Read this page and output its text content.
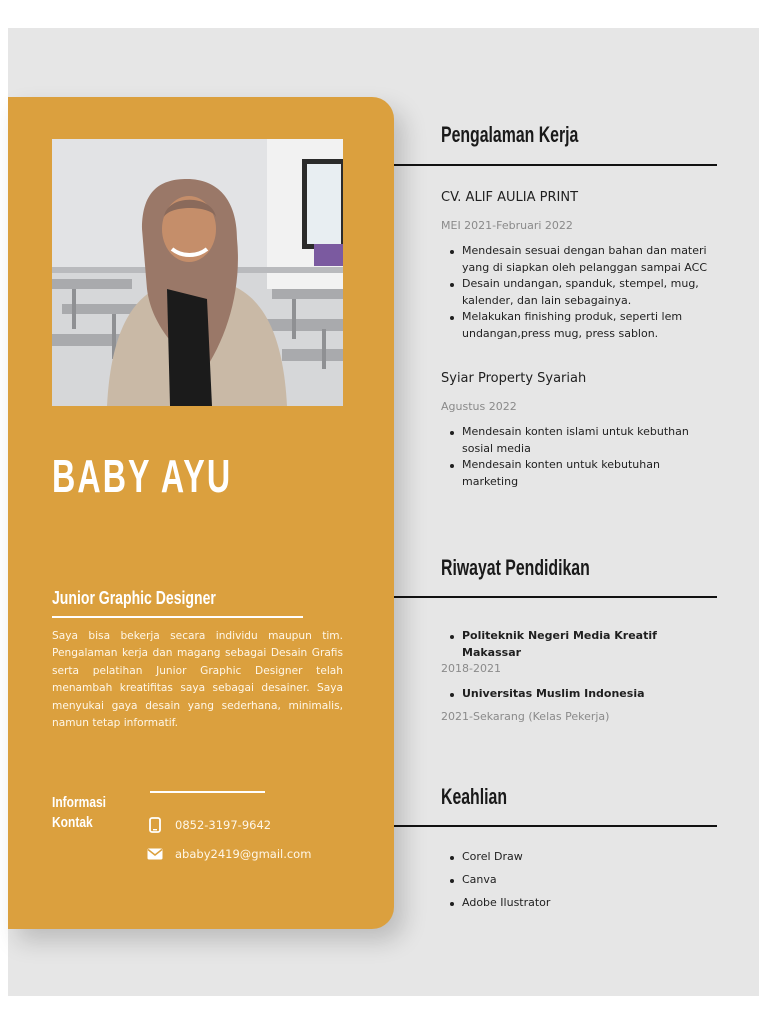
BABY AYU
Junior Graphic Designer

Saya bisa bekerja secara individu maupun tim. Pengalaman kerja dan magang sebagai Desain Grafis serta pelatihan Junior Graphic Designer telah menambah kreatifitas saya sebagai desainer. Saya menyukai gaya desain yang sederhana, minimalis, namun tetap informatif.

Informasi
Kontak	0852-3197-9642
ababy2419@gmail.com
Pengalaman Kerja
CV. ALIF AULIA PRINT
MEI 2021-Februari 2022
Mendesain sesuai dengan bahan dan materi yang di siapkan oleh pelanggan sampai ACC
Desain undangan, spanduk, stempel, mug, kalender, dan lain sebagainya.
Melakukan finishing produk, seperti lem undangan,press mug, press sablon.
Syiar Property Syariah
Agustus 2022
Mendesain konten islami untuk kebuthan sosial media
Mendesain konten untuk kebutuhan marketing
Riwayat Pendidikan
Politeknik Negeri Media Kreatif Makassar
2018-2021
Universitas Muslim Indonesia
2021-Sekarang (Kelas Pekerja)
Keahlian
Corel Draw
Canva
Adobe Ilustrator
